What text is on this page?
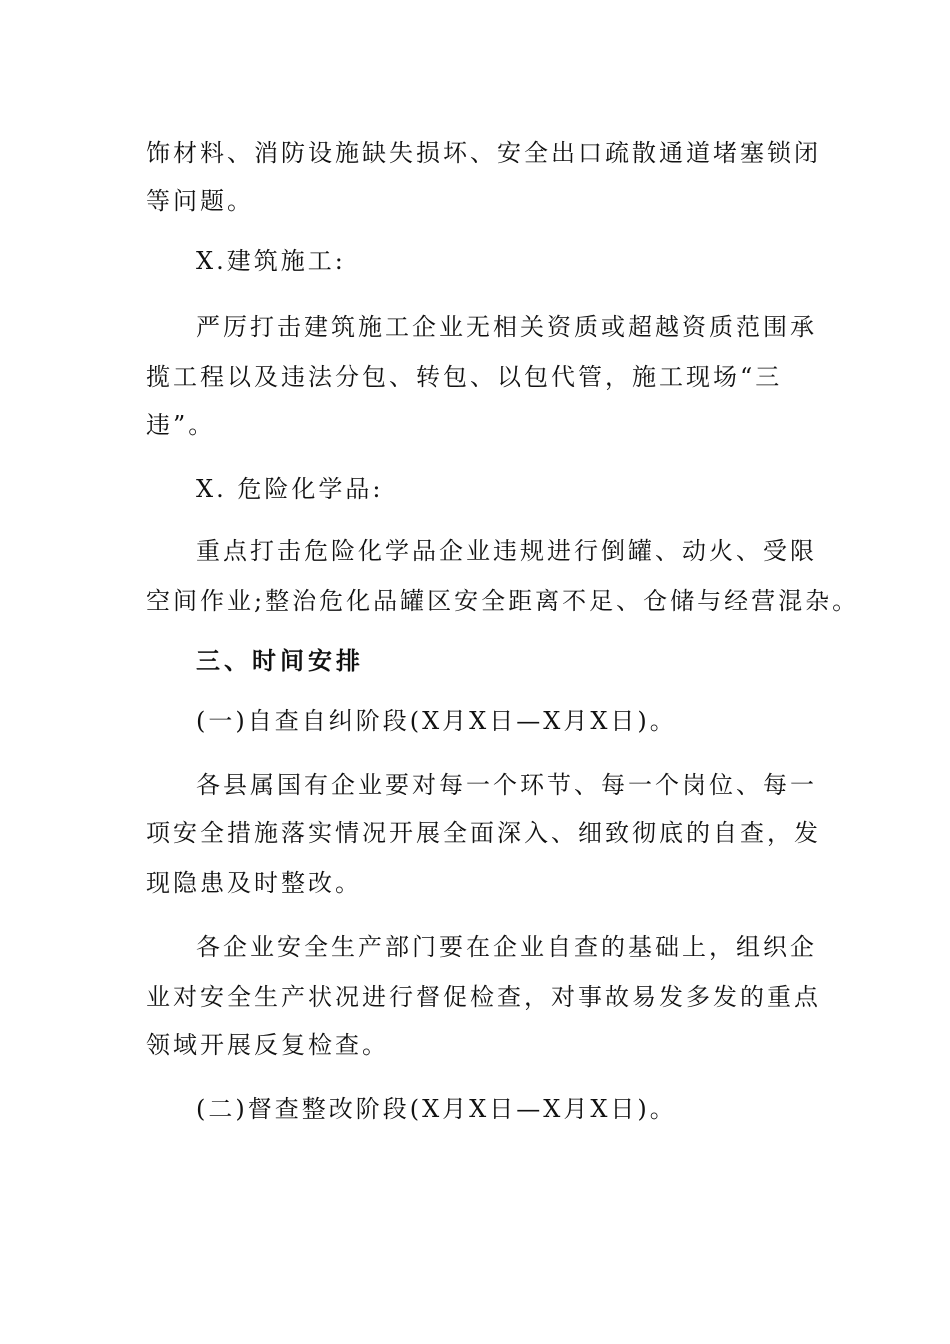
饰材料、消防设施缺失损坏、安全出口疏散通道堵塞锁闭
等问题。
X.建筑施工:
严厉打击建筑施工企业无相关资质或超越资质范围承
揽工程以及违法分包、转包、以包代管，施工现场“三
违”。
X. 危险化学品:
重点打击危险化学品企业违规进行倒罐、动火、受限
空间作业;整治危化品罐区安全距离不足、仓储与经营混杂。
三、时间安排
(一)自查自纠阶段(X月X日—X月X日)。
各县属国有企业要对每一个环节、每一个岗位、每一
项安全措施落实情况开展全面深入、细致彻底的自查，发
现隐患及时整改。
各企业安全生产部门要在企业自查的基础上，组织企
业对安全生产状况进行督促检查，对事故易发多发的重点
领域开展反复检查。
(二)督查整改阶段(X月X日—X月X日)。
